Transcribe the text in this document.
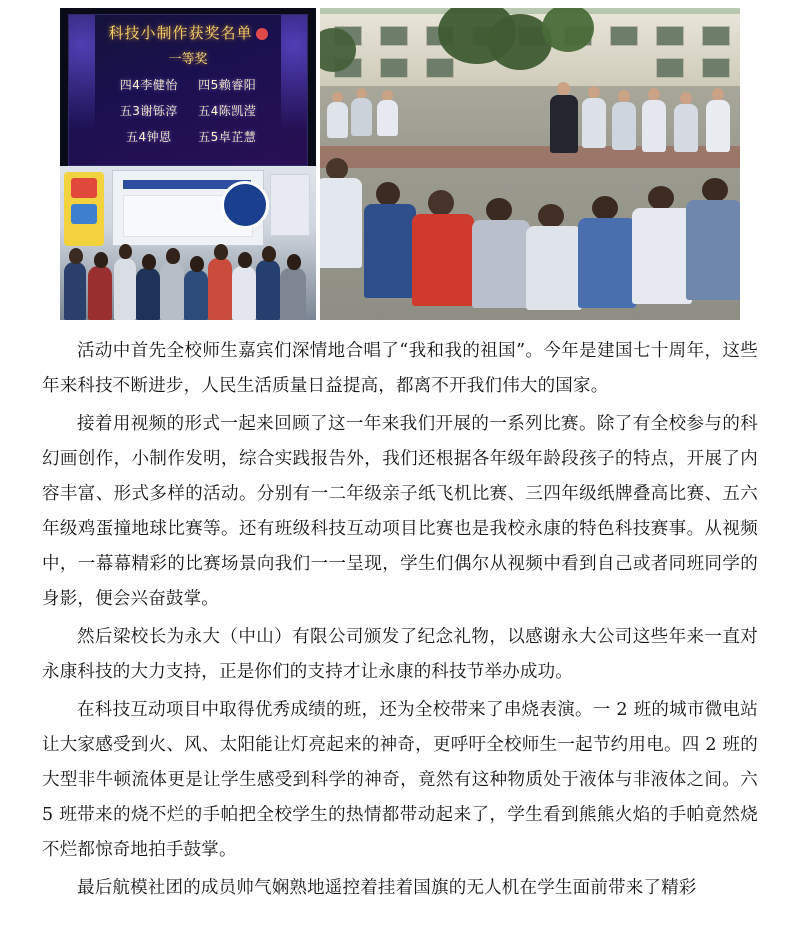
科技小制作获奖名单
一等奖
四4李健怡 四5赖睿阳
五3谢铄淳 五4陈凯滢
五4钟恩 五5卓芷慧

活动中首先全校师生嘉宾们深情地合唱了“我和我的祖国”。今年是建国七十周年，这些年来科技不断进步，人民生活质量日益提高，都离不开我们伟大的国家。

接着用视频的形式一起来回顾了这一年来我们开展的一系列比赛。除了有全校参与的科幻画创作，小制作发明，综合实践报告外，我们还根据各年级年龄段孩子的特点，开展了内容丰富、形式多样的活动。分别有一二年级亲子纸飞机比赛、三四年级纸牌叠高比赛、五六年级鸡蛋撞地球比赛等。还有班级科技互动项目比赛也是我校永康的特色科技赛事。从视频中，一幕幕精彩的比赛场景向我们一一呈现，学生们偶尔从视频中看到自己或者同班同学的身影，便会兴奋鼓掌。

然后梁校长为永大（中山）有限公司颁发了纪念礼物，以感谢永大公司这些年来一直对永康科技的大力支持，正是你们的支持才让永康的科技节举办成功。

在科技互动项目中取得优秀成绩的班，还为全校带来了串烧表演。一 2 班的城市微电站让大家感受到火、风、太阳能让灯亮起来的神奇，更呼吁全校师生一起节约用电。四 2 班的大型非牛顿流体更是让学生感受到科学的神奇，竟然有这种物质处于液体与非液体之间。六 5 班带来的烧不烂的手帕把全校学生的热情都带动起来了，学生看到熊熊火焰的手帕竟然烧不烂都惊奇地拍手鼓掌。

最后航模社团的成员帅气娴熟地遥控着挂着国旗的无人机在学生面前带来了精彩
